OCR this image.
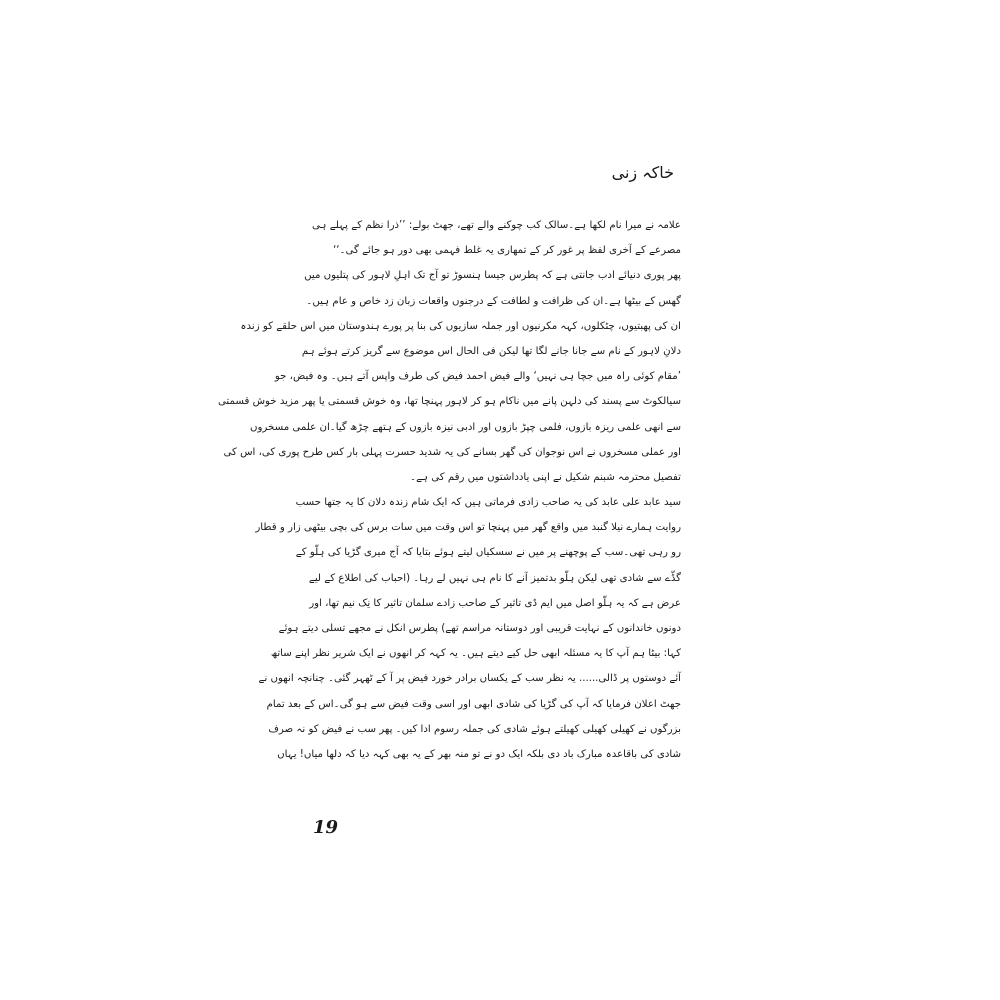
خاکہ زنی

علامہ نے میرا نام لکھا ہے۔سالک کب چوکنے والے تھے، جھٹ بولے: ’’ذرا نظم کے پہلے ہی
مصرعے کے آخری لفظ پر غور کر کے تمھاری یہ غلط فہمی بھی دور ہو جائے گی۔‘‘

پھر پوری دنیائے ادب جانتی ہے کہ پطرس جیسا ہنسوڑ تو آج تک اہلِ لاہور کی پتلیوں میں
گھس کے بیٹھا ہے۔ان کی ظرافت و لطافت کے درجنوں واقعات زبان زد خاص و عام ہیں۔
ان کی پھبتیوں، چٹکلوں، کہہ مکرنیوں اور جملہ سازیوں کی بنا پر پورے ہندوستان میں اس حلقے کو زندہ
دلانِ لاہور کے نام سے جانا جانے لگا تھا لیکن فی الحال اس موضوع سے گریز کرتے ہوئے ہم
’مقام کوئی راہ میں جچا ہی نہیں‘ والے فیض احمد فیض کی طرف واپس آتے ہیں۔ وہ فیض، جو
سیالکوٹ سے پسند کی دلہن پانے میں ناکام ہو کر لاہور پہنچا تھا، وہ خوش قسمتی یا پھر مزید خوش قسمتی
سے انھی علمی ریزہ بازوں، فلمی چپڑ بازوں اور ادبی نیزہ بازوں کے ہتھے چڑھ گیا۔ان علمی مسخروں
اور عملی مسخروں نے اس نوجوان کی گھر بسانے کی یہ شدید حسرت پہلی بار کس طرح پوری کی، اس کی
تفصیل محترمہ شبنم شکیل نے اپنی یادداشتوں میں رقم کی ہے۔

سید عابد علی عابد کی یہ صاحب زادی فرماتی ہیں کہ ایک شام زندہ دلان کا یہ جتھا حسب
روایت ہمارے نیلا گنبد میں واقع گھر میں پہنچا تو اس وقت میں سات برس کی بچی بیٹھی زار و قطار
رو رہی تھی۔سب کے پوچھنے پر میں نے سسکیاں لیتے ہوئے بتایا کہ آج میری گڑیا کی ہلّو کے
گڈّے سے شادی تھی لیکن ہلّو بدتمیز آنے کا نام ہی نہیں لے رہا۔ (احباب کی اطلاع کے لیے
عرض ہے کہ یہ ہلّو اصل میں ایم ڈی تاثیر کے صاحب زادے سلمان تاثیر کا نِک نیم تھا، اور
دونوں خاندانوں کے نہایت قریبی اور دوستانہ مراسم تھے) پطرس انکل نے مجھے تسلی دیتے ہوئے
کہا: بیٹا ہم آپ کا یہ مسئلہ ابھی حل کیے دیتے ہیں۔ یہ کہہ کر انھوں نے ایک شریر نظر اپنے ساتھ
آئے دوستوں پر ڈالی...... یہ نظر سب کے یکساں برادر خورد فیض پر آ کے ٹھہر گئی۔ چنانچہ انھوں نے
جھٹ اعلان فرمایا کہ آپ کی گڑیا کی شادی ابھی اور اسی وقت فیض سے ہو گی۔اس کے بعد تمام
بزرگوں نے کھیلی کھیلی کھیلتے ہوئے شادی کی جملہ رسوم ادا کیں۔ پھر سب نے فیض کو نہ صرف
شادی کی باقاعدہ مبارک باد دی بلکہ ایک دو نے تو منہ بھر کے یہ بھی کہہ دیا کہ دلھا میاں! یہاں

19
